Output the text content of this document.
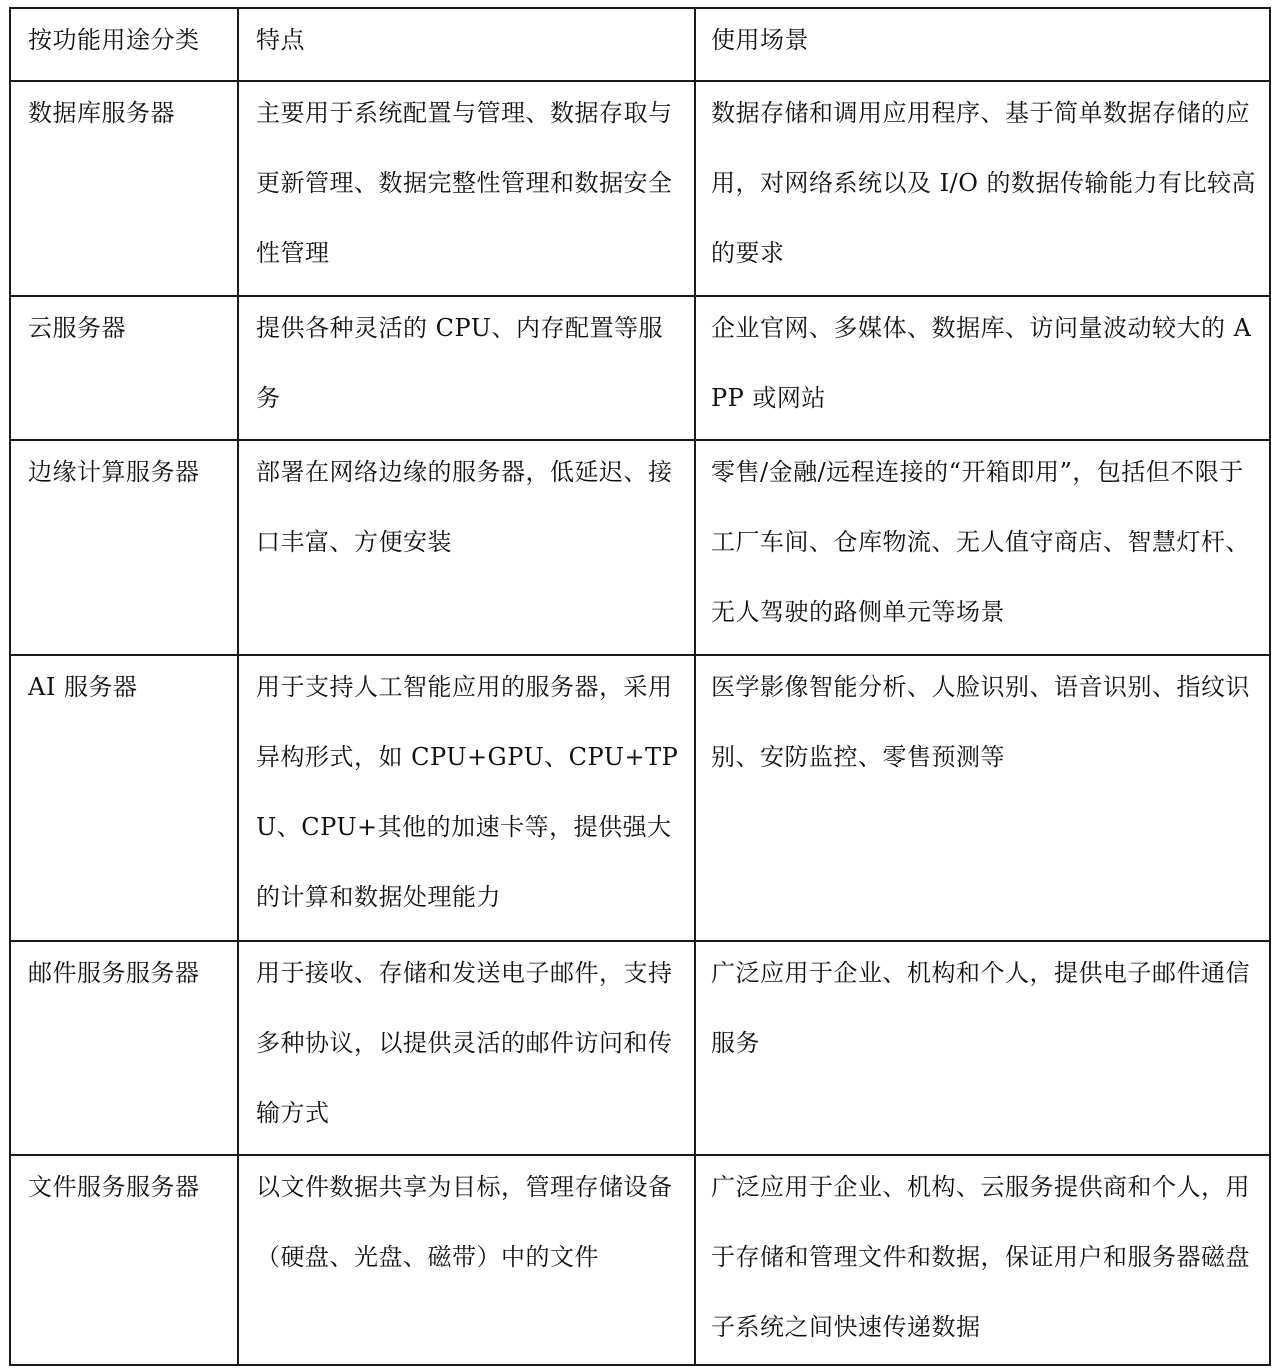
按功能用途分类	特点	使用场景

数据库服务器	主要用于系统配置与管理、数据存取与更新管理、数据完整性管理和数据安全性管理	数据存储和调用应用程序、基于简单数据存储的应用，对网络系统以及 I/O 的数据传输能力有比较高的要求

云服务器	提供各种灵活的 CPU、内存配置等服务	企业官网、多媒体、数据库、访问量波动较大的 APP 或网站

边缘计算服务器	部署在网络边缘的服务器，低延迟、接口丰富、方便安装	零售/金融/远程连接的“开箱即用”，包括但不限于工厂车间、仓库物流、无人值守商店、智慧灯杆、无人驾驶的路侧单元等场景

AI 服务器	用于支持人工智能应用的服务器，采用异构形式，如 CPU+GPU、CPU+TPU、CPU+其他的加速卡等，提供强大的计算和数据处理能力	医学影像智能分析、人脸识别、语音识别、指纹识别、安防监控、零售预测等

邮件服务服务器	用于接收、存储和发送电子邮件，支持多种协议，以提供灵活的邮件访问和传输方式	广泛应用于企业、机构和个人，提供电子邮件通信服务

文件服务服务器	以文件数据共享为目标，管理存储设备（硬盘、光盘、磁带）中的文件	广泛应用于企业、机构、云服务提供商和个人，用于存储和管理文件和数据，保证用户和服务器磁盘子系统之间快速传递数据
